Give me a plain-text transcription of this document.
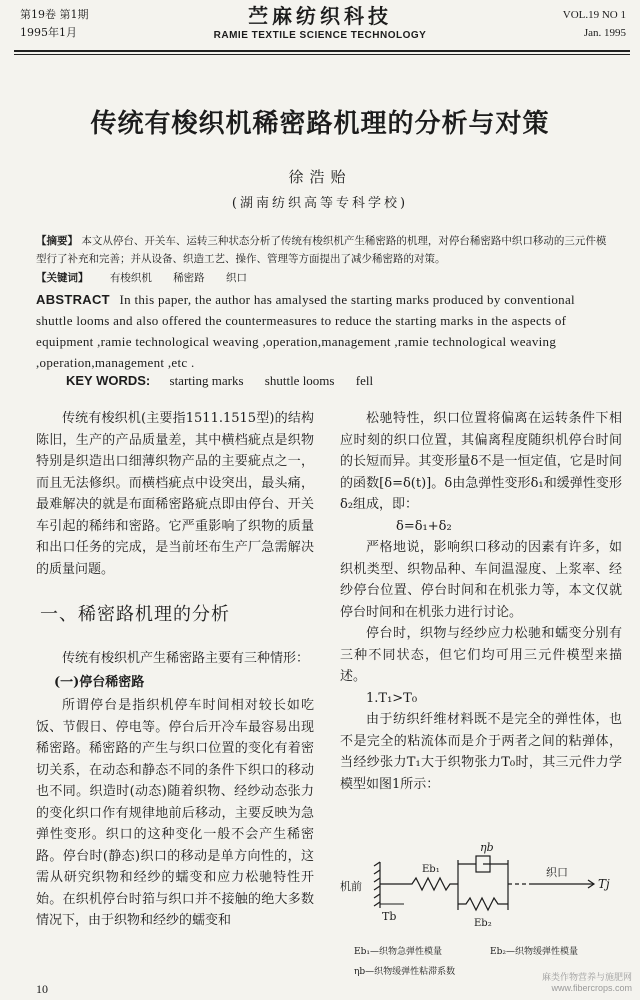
第19卷 第1期
1995年1月
苎麻纺织科技
RAMIE TEXTILE SCIENCE TECHNOLOGY
VOL.19 NO 1
Jan. 1995
传统有梭织机稀密路机理的分析与对策
徐浩贻
(湖南纺织高等专科学校)
【摘要】 本文从停台、开关车、运转三种状态分析了传统有梭织机产生稀密路的机理，对停台稀密路中织口移动的三元件模型行了补充和完善；并从设备、织造工艺、操作、管理等方面提出了减少稀密路的对策。
【关键词】 有梭织机 稀密路 织口
ABSTRACT In this paper, the author has amalysed the starting marks produced by conventional shuttle looms and also offered the countermeasures to reduce the starting marks in the aspects of equipment ,ramie technological weaving ,operation,management ,ramie technological weaving ,operation,management ,etc .
KEY WORDS: starting marks shuttle looms fell

传统有梭织机(主要指1511.1515型)的结构陈旧，生产的产品质量差，其中横档疵点是织物特别是织造出口细薄织物产品的主要疵点之一，而且无法修织。而横档疵点中设突出，最头痛，最难解决的就是布面稀密路疵点即由停台、开关车引起的稀纬和密路。它严重影响了织物的质量和出口任务的完成，是当前坯布生产厂急需解决的质量问题。

一、稀密路机理的分析

传统有梭织机产生稀密路主要有三种情形：

(一)停台稀密路

所谓停台是指织机停车时间相对较长如吃饭、节假日、停电等。停台后开冷车最容易出现稀密路。稀密路的产生与织口位置的变化有着密切关系，在动态和静态不同的条件下织口的移动也不同。织造时(动态)随着织物、经纱动态张力的变化织口作有规律地前后移动，主要反映为急弹性变形。织口的这种变化一般不会产生稀密路。停台时(静态)织口的移动是单方向性的，这需从研究织物和经纱的蠕变和应力松驰特性开始。在织机停台时筘与织口并不接触的绝大多数情况下，由于织物和经纱的蠕变和

松驰特性，织口位置将偏离在运转条件下相应时刻的织口位置，其偏离程度随织机停台时间的长短而异。其变形量δ不是一恒定值，它是时间的函数[δ=δ(t)]。δ由急弹性变形δ₁和缓弹性变形δ₂组成，即：

δ=δ₁+δ₂

严格地说，影响织口移动的因素有许多，如织机类型、织物品种、车间温湿度、上浆率、经纱停台位置、停台时间和在机张力等，本文仅就停台时间和在机张力进行讨论。

停台时，织物与经纱应力松驰和蠕变分别有三种不同状态，但它们均可用三元件模型来描述。

1.T₁>T₀

由于纺织纤维材料既不是完全的弹性体，也不是完全的粘流体而是介于两者之间的粘弹体，当经纱张力T₁大于织物张力T₀时，其三元件力学模型如图1所示：

机前
Tb
Eb₁
ηb
Eb₂
织口
Tj
Eb₁—织物急弹性模量	Eb₂—织物缓弹性模量
ηb—织物缓弹性粘滞系数
10
麻类作物营养与施肥网
www.fibercrops.com
